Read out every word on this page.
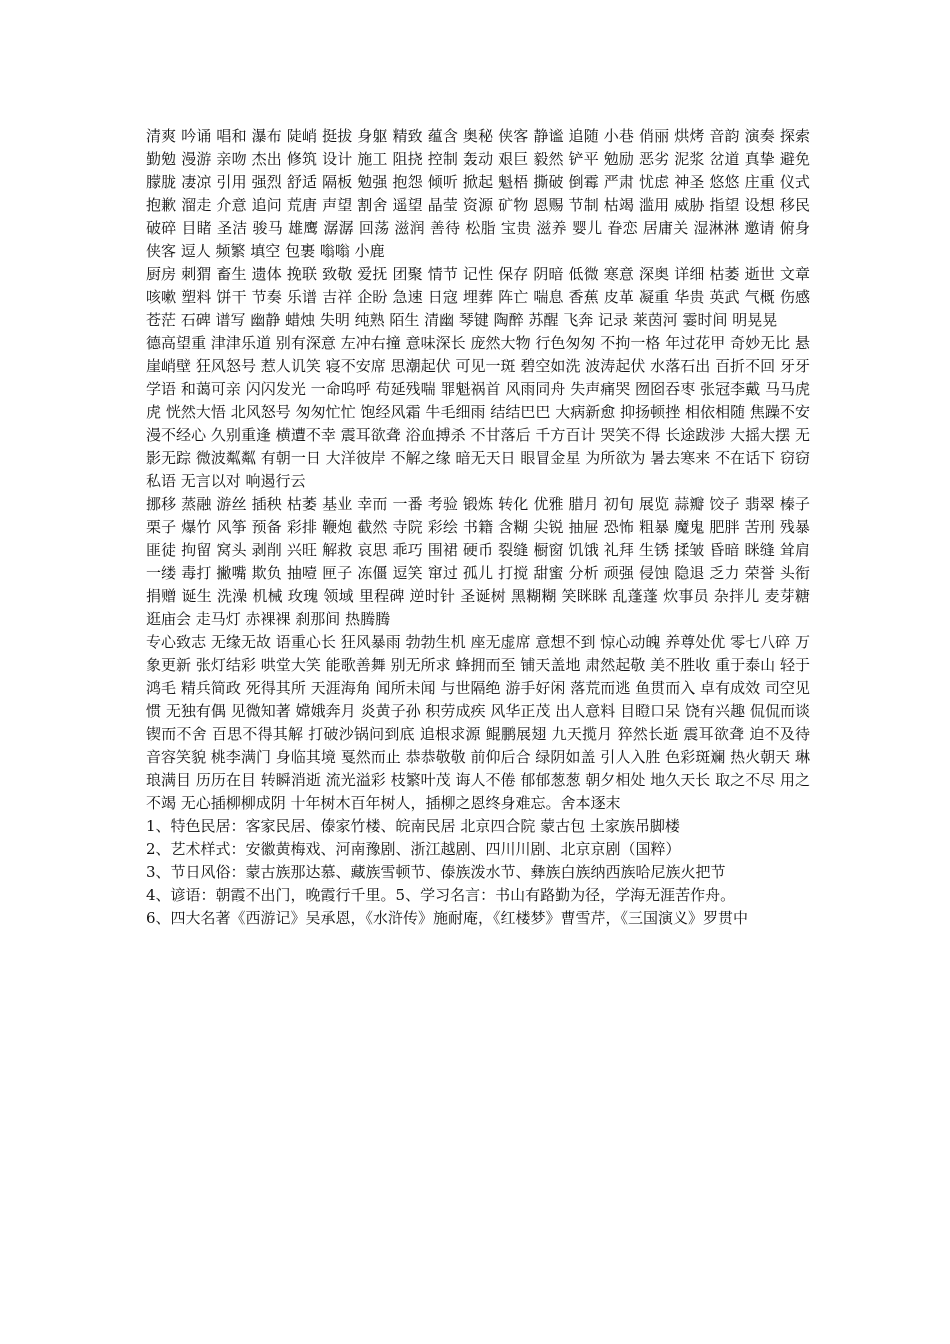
清爽 吟诵 唱和 瀑布 陡峭 挺拔 身躯 精致 蕴含 奥秘 侠客 静谧 追随 小巷 俏丽 烘烤 音韵 演奏 探索 勤勉 漫游 亲吻 杰出 修筑 设计 施工 阻挠 控制 轰动 艰巨 毅然 铲平 勉励 恶劣 泥浆 岔道 真挚 避免 朦胧 凄凉 引用 强烈 舒适 隔板 勉强 抱怨 倾听 掀起 魁梧 撕破 倒霉 严肃 忧虑 神圣 悠悠 庄重 仪式 抱歉 溜走 介意 追问 荒唐 声望 割舍 遥望 晶莹 资源 矿物 恩赐 节制 枯竭 滥用 威胁 指望 设想 移民 破碎 目睹 圣洁 骏马 雄鹰 潺潺 回荡 滋润 善待 松脂 宝贵 滋养 婴儿 眷恋 居庸关 湿淋淋 邀请 俯身 侠客 逗人 频繁 填空 包裹 嗡嗡 小鹿

厨房 刺猬 畜生 遗体 挽联 致敬 爱抚 团聚 情节 记性 保存 阴暗 低微 寒意 深奥 详细 枯萎 逝世 文章 咳嗽 塑料 饼干 节奏 乐谱 吉祥 企盼 急速 日寇 埋葬 阵亡 喘息 香蕉 皮革 凝重 华贵 英武 气概 伤感 苍茫 石碑 谱写 幽静 蜡烛 失明 纯熟 陌生 清幽 琴键 陶醉 苏醒 飞奔 记录 莱茵河 霎时间 明晃晃

德高望重 津津乐道 别有深意 左冲右撞 意味深长 庞然大物 行色匆匆 不拘一格 年过花甲 奇妙无比 悬崖峭壁 狂风怒号 惹人讥笑 寝不安席 思潮起伏 可见一斑 碧空如洗 波涛起伏 水落石出 百折不回 牙牙学语 和蔼可亲 闪闪发光 一命呜呼 苟延残喘 罪魁祸首 风雨同舟 失声痛哭 囫囵吞枣 张冠李戴 马马虎虎 恍然大悟 北风怒号 匆匆忙忙 饱经风霜 牛毛细雨 结结巴巴 大病新愈 抑扬顿挫 相依相随 焦躁不安 漫不经心 久别重逢 横遭不幸 震耳欲聋 浴血搏杀 不甘落后 千方百计 哭笑不得 长途跋涉 大摇大摆 无影无踪 微波粼粼 有朝一日 大洋彼岸 不解之缘 暗无天日 眼冒金星 为所欲为 暑去寒来 不在话下 窃窃私语 无言以对 响遏行云

挪移 蒸融 游丝 插秧 枯萎 基业 幸而 一番 考验 锻炼 转化 优雅 腊月 初旬 展览 蒜瓣 饺子 翡翠 榛子 栗子 爆竹 风筝 预备 彩排 鞭炮 截然 寺院 彩绘 书籍 含糊 尖锐 抽屉 恐怖 粗暴 魔鬼 肥胖 苦刑 残暴 匪徒 拘留 窝头 剥削 兴旺 解救 哀思 乖巧 围裙 硬币 裂缝 橱窗 饥饿 礼拜 生锈 揉皱 昏暗 眯缝 耸肩 一缕 毒打 撇嘴 欺负 抽噎 匣子 冻僵 逗笑 窜过 孤儿 打搅 甜蜜 分析 顽强 侵蚀 隐退 乏力 荣誉 头衔 捐赠 诞生 洗澡 机械 玫瑰 领域 里程碑 逆时针 圣诞树 黑糊糊 笑眯眯 乱蓬蓬 炊事员 杂拌儿 麦芽糖 逛庙会 走马灯 赤裸裸 刹那间 热腾腾

专心致志 无缘无故 语重心长 狂风暴雨 勃勃生机 座无虚席 意想不到 惊心动魄 养尊处优 零七八碎 万象更新 张灯结彩 哄堂大笑 能歌善舞 别无所求 蜂拥而至 铺天盖地 肃然起敬 美不胜收 重于泰山 轻于鸿毛 精兵简政 死得其所 天涯海角 闻所未闻 与世隔绝 游手好闲 落荒而逃 鱼贯而入 卓有成效 司空见惯 无独有偶 见微知著 嫦娥奔月 炎黄子孙 积劳成疾 风华正茂 出人意料 目瞪口呆 饶有兴趣 侃侃而谈 锲而不舍 百思不得其解 打破沙锅问到底 追根求源 鲲鹏展翅 九天揽月 猝然长逝 震耳欲聋 迫不及待 音容笑貌 桃李满门 身临其境 戛然而止 恭恭敬敬 前仰后合 绿阴如盖 引人入胜 色彩斑斓 热火朝天 琳琅满目 历历在目 转瞬消逝 流光溢彩 枝繁叶茂 诲人不倦 郁郁葱葱 朝夕相处 地久天长 取之不尽 用之不竭 无心插柳柳成阴 十年树木百年树人，插柳之恩终身难忘。舍本逐末

1、特色民居：客家民居、傣家竹楼、皖南民居 北京四合院 蒙古包 土家族吊脚楼

2、艺术样式：安徽黄梅戏、河南豫剧、浙江越剧、四川川剧、北京京剧（国粹）

3、节日风俗：蒙古族那达慕、藏族雪顿节、傣族泼水节、彝族白族纳西族哈尼族火把节

4、谚语：朝霞不出门，晚霞行千里。5、学习名言：书山有路勤为径，学海无涯苦作舟。

6、四大名著《西游记》吴承恩，《水浒传》施耐庵，《红楼梦》曹雪芹，《三国演义》罗贯中
